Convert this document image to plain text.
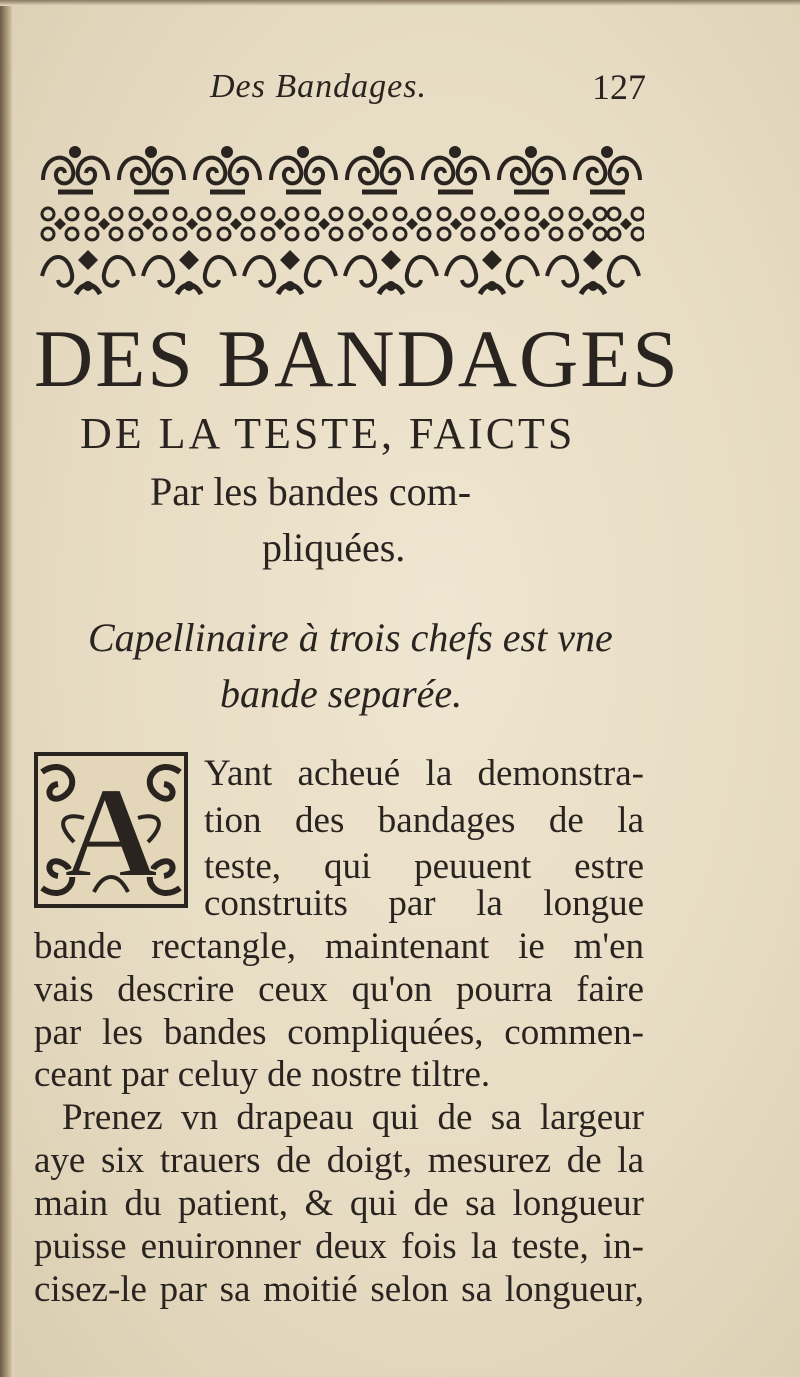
Des Bandages.	127
DES BANDAGES
DE LA TESTE, FAICTS
Par les bandes com-
pliquées.
Capellinaire à trois chefs est vne
bande separée.
A Yant acheué la demonstra-
tion des bandages de la
teste, qui peuuent estre
construits par la longue
bande rectangle, maintenant ie m'en
vais descrire ceux qu'on pourra faire
par les bandes compliquées, commen-
ceant par celuy de nostre tiltre.
Prenez vn drapeau qui de sa largeur
aye six trauers de doigt, mesurez de la
main du patient, & qui de sa longueur
puisse enuironner deux fois la teste, in-
cisez-le par sa moitié selon sa longueur,
